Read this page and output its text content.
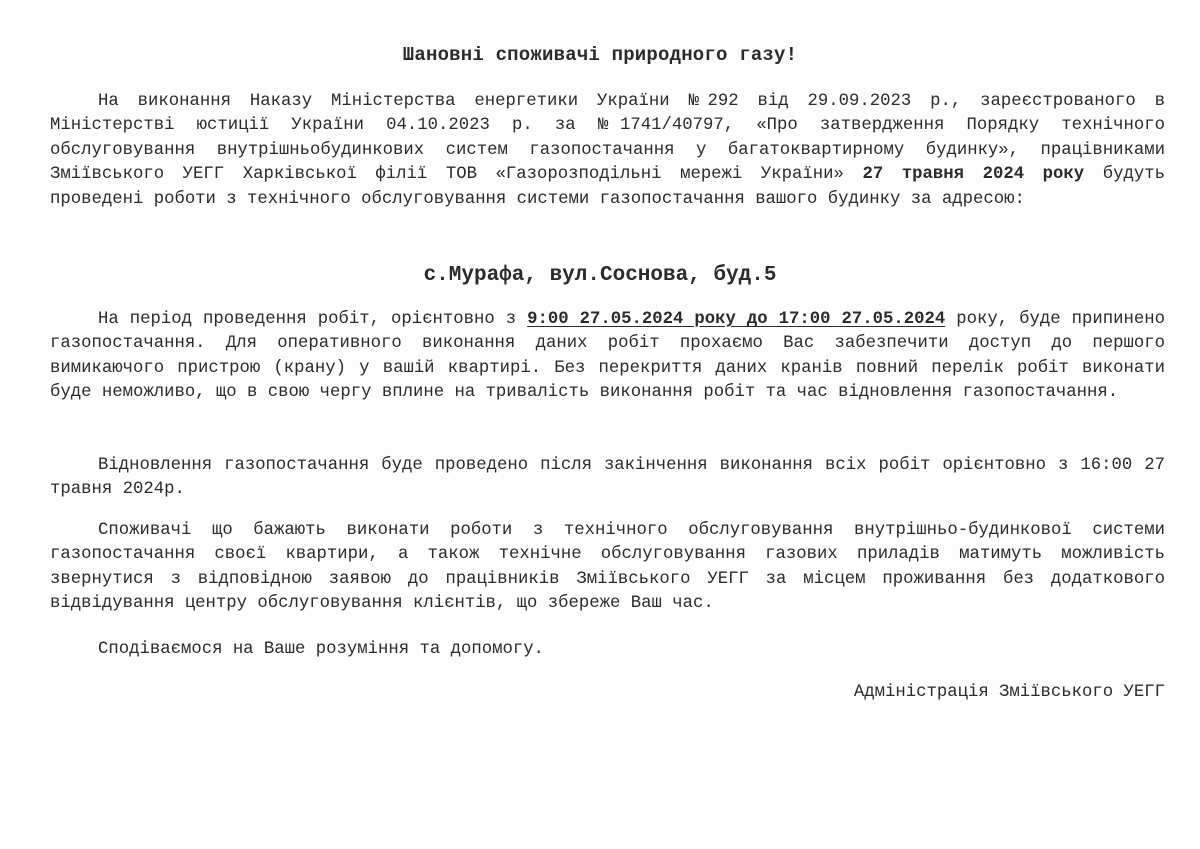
Шановні споживачі природного газу!

На виконання Наказу Міністерства енергетики України №292 від 29.09.2023 р., зареєстрованого в Міністерстві юстиції України 04.10.2023 р. за №1741/40797, «Про затвердження Порядку технічного обслуговування внутрішньобудинкових систем газопостачання у багатоквартирному будинку», працівниками Зміївського УЕГГ Харківської філії ТОВ «Газорозподільні мережі України» 27 травня 2024 року будуть проведені роботи з технічного обслуговування системи газопостачання вашого будинку за адресою:

с.Мурафа, вул.Соснова, буд.5

На період проведення робіт, орієнтовно з 9:00 27.05.2024 року до 17:00 27.05.2024 року, буде припинено газопостачання. Для оперативного виконання даних робіт прохаємо Вас забезпечити доступ до першого вимикаючого пристрою (крану) у вашій квартирі. Без перекриття даних кранів повний перелік робіт виконати буде неможливо, що в свою чергу вплине на тривалість виконання робіт та час відновлення газопостачання.

Відновлення газопостачання буде проведено після закінчення виконання всіх робіт орієнтовно з 16:00 27 травня 2024р.

Споживачі що бажають виконати роботи з технічного обслуговування внутрішньо-будинкової системи газопостачання своєї квартири, а також технічне обслуговування газових приладів матимуть можливість звернутися з відповідною заявою до працівників Зміївського УЕГГ за місцем проживання без додаткового відвідування центру обслуговування клієнтів, що збереже Ваш час.

Сподіваємося на Ваше розуміння та допомогу.

Адміністрація Зміївського УЕГГ
